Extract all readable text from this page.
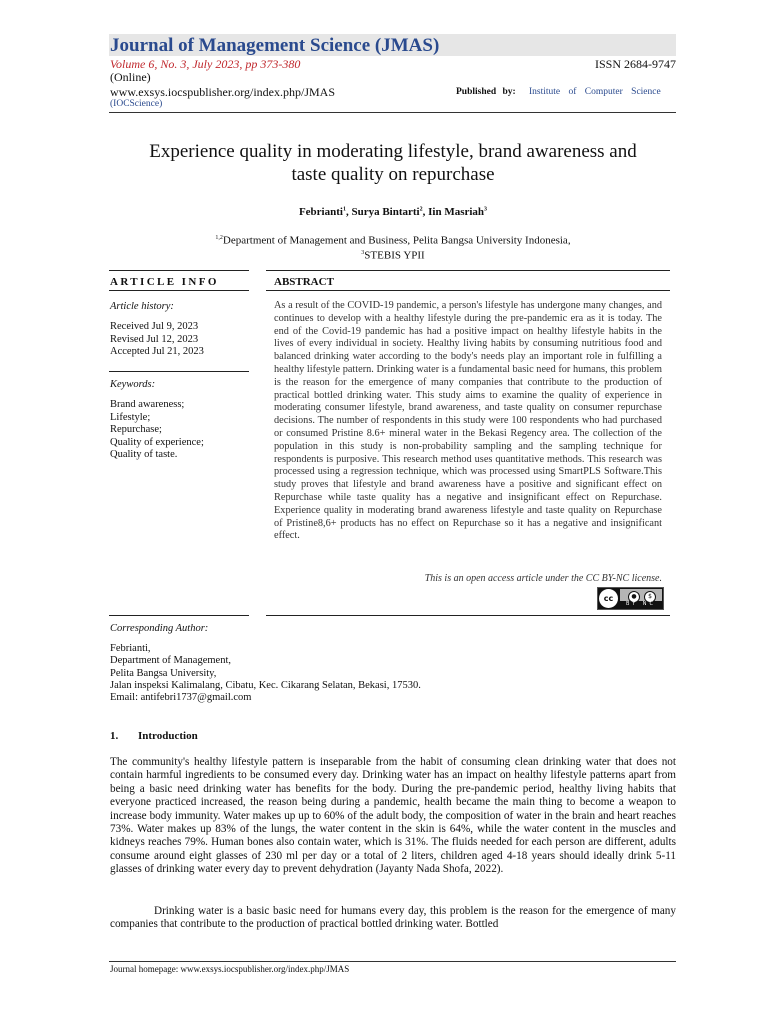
Journal of Management Science (JMAS)
Volume 6, No. 3, July 2023, pp 373-380	ISSN 2684-9747
(Online)
www.exsys.iocspublisher.org/index.php/JMAS	Published by: Institute of Computer Science
(IOCScience)
Experience quality in moderating lifestyle, brand awareness and
taste quality on repurchase
Febrianti$^1$, Surya Bintarti$^2$, Iin Masriah$^3$
$^{1,2}$Department of Management and Business, Pelita Bangsa University Indonesia,
$^3$STEBIS YPII
ARTICLE INFO	ABSTRACT
Article history:
Received Jul 9, 2023
Revised Jul 12, 2023
Accepted Jul 21, 2023
Keywords:
Brand awareness;
Lifestyle;
Repurchase;
Quality of experience;
Quality of taste.
As a result of the COVID-19 pandemic, a person's lifestyle has undergone many changes, and continues to develop with a healthy lifestyle during the pre-pandemic era as it is today. The end of the Covid-19 pandemic has had a positive impact on healthy lifestyle habits in the lives of every individual in society. Healthy living habits by consuming nutritious food and balanced drinking water according to the body's needs play an important role in fulfilling a healthy lifestyle pattern. Drinking water is a fundamental basic need for humans, this problem is the reason for the emergence of many companies that contribute to the production of practical bottled drinking water. This study aims to examine the quality of experience in moderating consumer lifestyle, brand awareness, and taste quality on consumer repurchase decisions. The number of respondents in this study were 100 respondents who had purchased or consumed Pristine 8.6+ mineral water in the Bekasi Regency area. The collection of the population in this study is non-probability sampling and the sampling technique for respondents is purposive. This research method uses quantitative methods. This research was processed using a regression technique, which was processed using SmartPLS Software.This study proves that lifestyle and brand awareness have a positive and significant effect on Repurchase while taste quality has a negative and insignificant effect on Repurchase. Experience quality in moderating brand awareness lifestyle and taste quality on Repurchase of Pristine8,6+ products has no effect on Repurchase so it has a negative and insignificant effect.
This is an open access article under the CC BY-NC license.
cc	●	$
BY NC
Corresponding Author:
Febrianti,
Department of Management,
Pelita Bangsa University,
Jalan inspeksi Kalimalang, Cibatu, Kec. Cikarang Selatan, Bekasi, 17530.
Email: antifebri1737@gmail.com
1. Introduction
The community's healthy lifestyle pattern is inseparable from the habit of consuming clean drinking water that does not contain harmful ingredients to be consumed every day. Drinking water has an impact on healthy lifestyle patterns apart from being a basic need drinking water has benefits for the body. During the pre-pandemic period, healthy living habits that everyone practiced increased, the reason being during a pandemic, health became the main thing to become a weapon to increase body immunity. Water makes up up to 60% of the adult body, the composition of water in the brain and heart reaches 73%. Water makes up 83% of the lungs, the water content in the skin is 64%, while the water content in the muscles and kidneys reaches 79%. Human bones also contain water, which is 31%. The fluids needed for each person are different, adults consume around eight glasses of 230 ml per day or a total of 2 liters, children aged 4-18 years should ideally drink 5-11 glasses of drinking water every day to prevent dehydration (Jayanty Nada Shofa, 2022).
Drinking water is a basic basic need for humans every day, this problem is the reason for the emergence of many companies that contribute to the production of practical bottled drinking water. Bottled
Journal homepage: www.exsys.iocspublisher.org/index.php/JMAS
